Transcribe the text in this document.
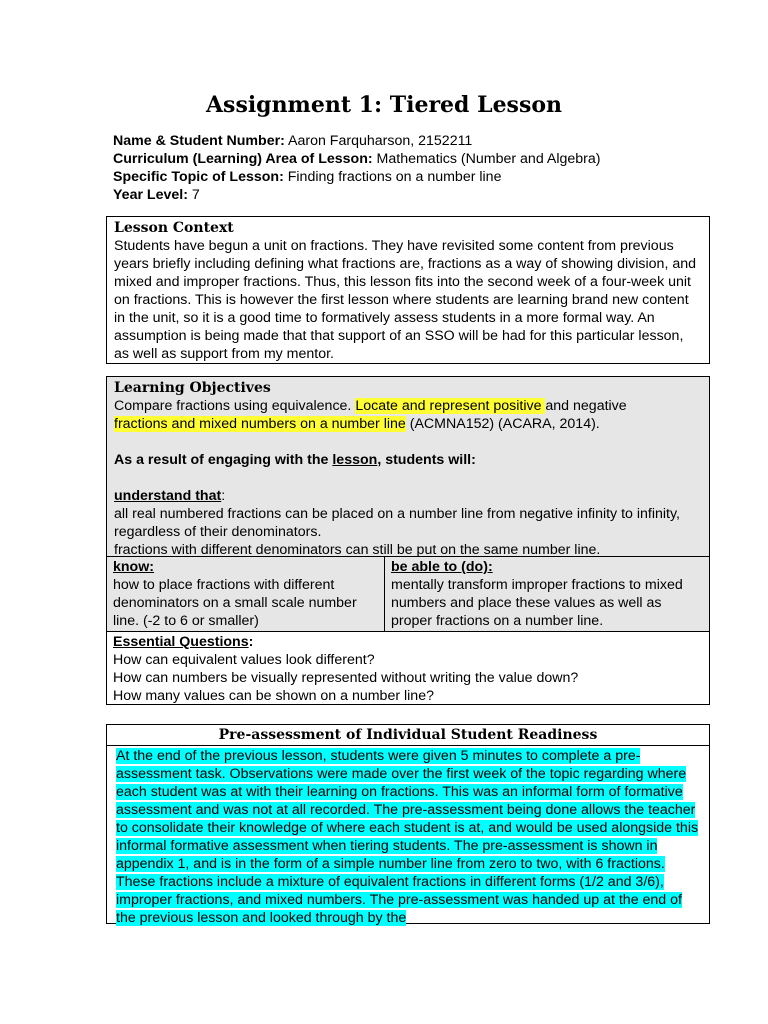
Assignment 1: Tiered Lesson
Name & Student Number: Aaron Farquharson, 2152211
Curriculum (Learning) Area of Lesson: Mathematics (Number and Algebra)
Specific Topic of Lesson: Finding fractions on a number line
Year Level: 7
Lesson Context
Students have begun a unit on fractions. They have revisited some content from previous years briefly including defining what fractions are, fractions as a way of showing division, and mixed and improper fractions. Thus, this lesson fits into the second week of a four-week unit on fractions. This is however the first lesson where students are learning brand new content in the unit, so it is a good time to formatively assess students in a more formal way. An assumption is being made that that support of an SSO will be had for this particular lesson, as well as support from my mentor.
Learning Objectives
Compare fractions using equivalence. Locate and represent positive and negative
fractions and mixed numbers on a number line (ACMNA152) (ACARA, 2014).
As a result of engaging with the lesson, students will:
understand that:
all real numbered fractions can be placed on a number line from negative infinity to infinity, regardless of their denominators.
fractions with different denominators can still be put on the same number line.
know:
how to place fractions with different denominators on a small scale number line. (-2 to 6 or smaller)
be able to (do):
mentally transform improper fractions to mixed numbers and place these values as well as proper fractions on a number line.
Essential Questions:
How can equivalent values look different?
How can numbers be visually represented without writing the value down?
How many values can be shown on a number line?
Pre-assessment of Individual Student Readiness
At the end of the previous lesson, students were given 5 minutes to complete a pre-assessment task. Observations were made over the first week of the topic regarding where each student was at with their learning on fractions. This was an informal form of formative assessment and was not at all recorded. The pre-assessment being done allows the teacher to consolidate their knowledge of where each student is at, and would be used alongside this informal formative assessment when tiering students. The pre-assessment is shown in appendix 1, and is in the form of a simple number line from zero to two, with 6 fractions. These fractions include a mixture of equivalent fractions in different forms (1/2 and 3/6), improper fractions, and mixed numbers. The pre-assessment was handed up at the end of the previous lesson and looked through by the
